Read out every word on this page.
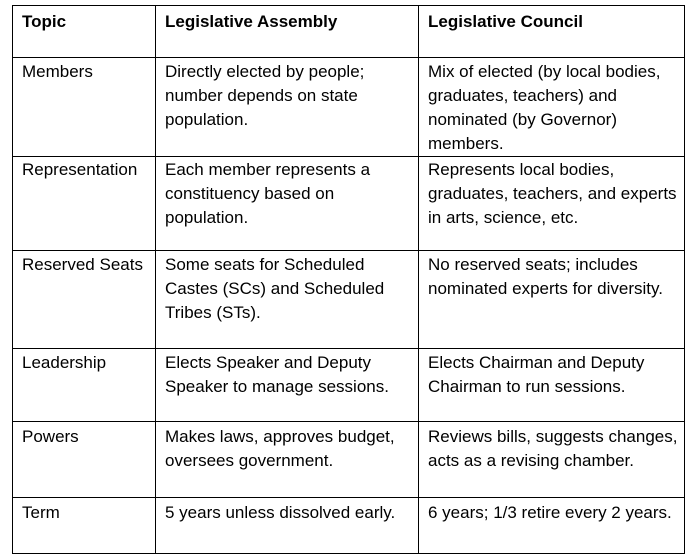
Topic	Legislative Assembly	Legislative Council
Members	Directly elected by people; number depends on state population.	Mix of elected (by local bodies, graduates, teachers) and nominated (by Governor) members.
Representation	Each member represents a constituency based on population.	Represents local bodies, graduates, teachers, and experts in arts, science, etc.
Reserved Seats	Some seats for Scheduled Castes (SCs) and Scheduled Tribes (STs).	No reserved seats; includes nominated experts for diversity.
Leadership	Elects Speaker and Deputy Speaker to manage sessions.	Elects Chairman and Deputy Chairman to run sessions.
Powers	Makes laws, approves budget, oversees government.	Reviews bills, suggests changes, acts as a revising chamber.
Term	5 years unless dissolved early.	6 years; 1/3 retire every 2 years.
